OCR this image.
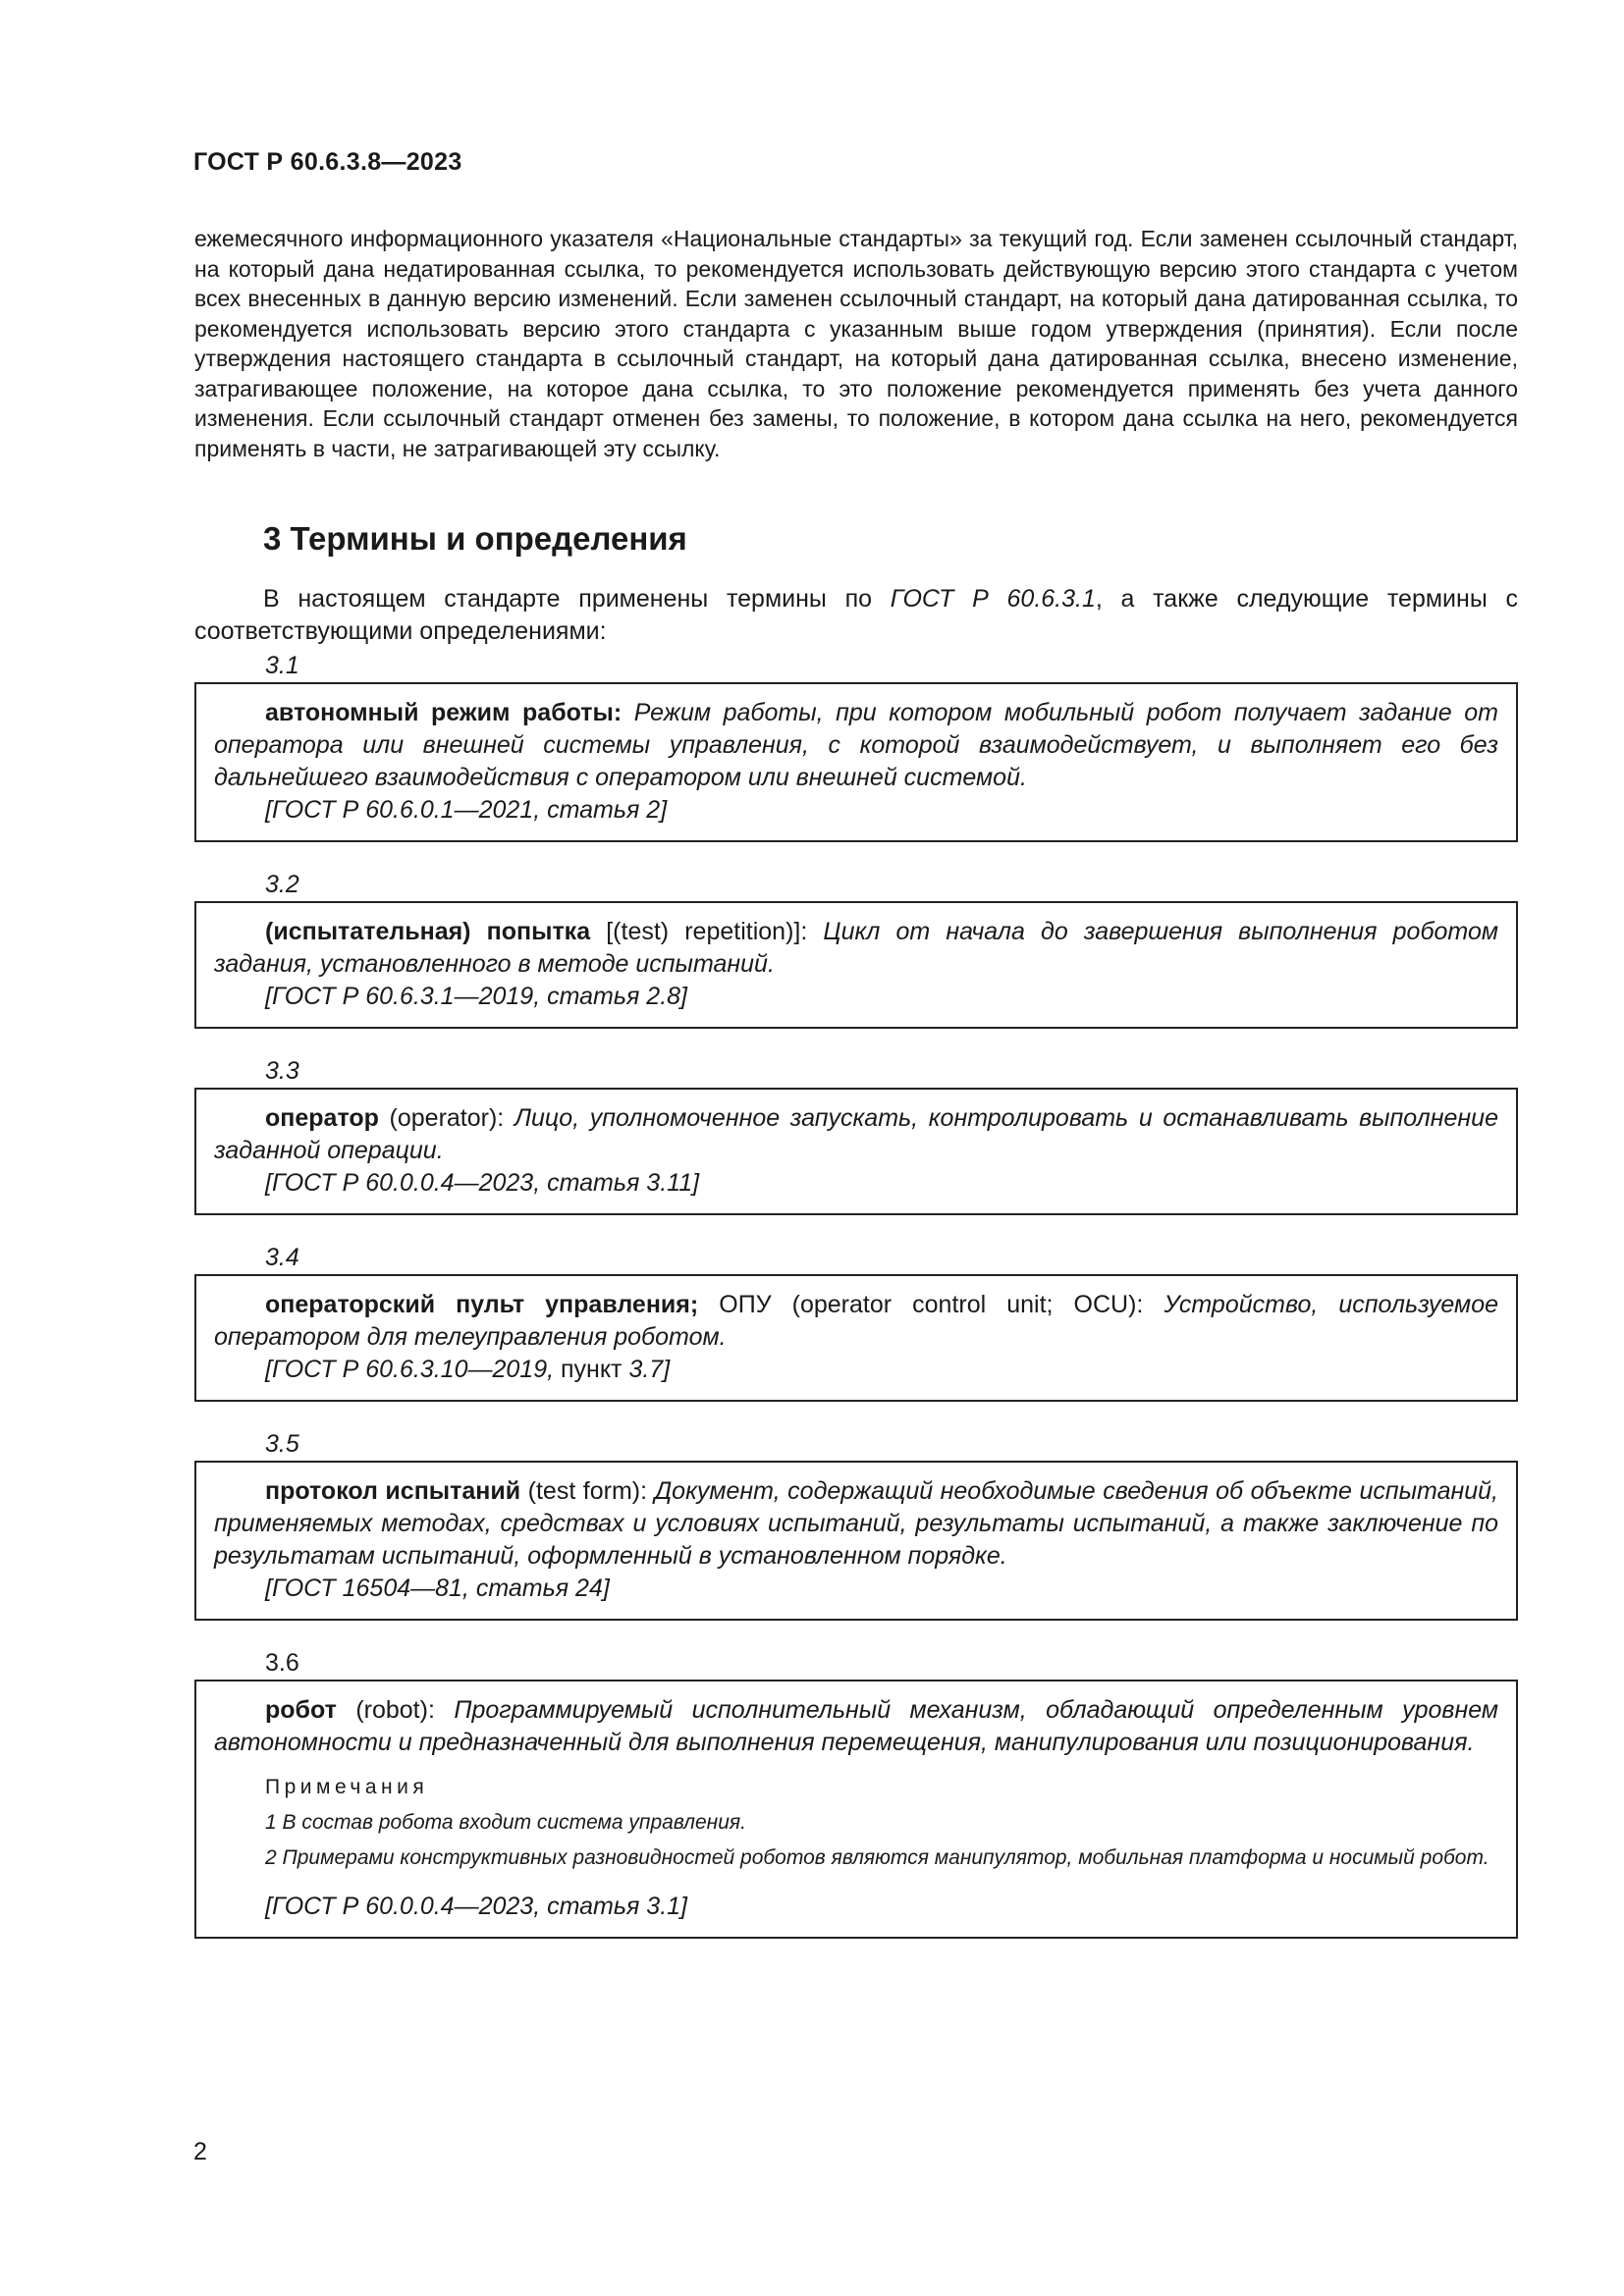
ГОСТ Р 60.6.3.8—2023

ежемесячного информационного указателя «Национальные стандарты» за текущий год. Если заменен ссылочный стандарт, на который дана недатированная ссылка, то рекомендуется использовать действующую версию этого стандарта с учетом всех внесенных в данную версию изменений. Если заменен ссылочный стандарт, на который дана датированная ссылка, то рекомендуется использовать версию этого стандарта с указанным выше годом утверждения (принятия). Если после утверждения настоящего стандарта в ссылочный стандарт, на который дана датированная ссылка, внесено изменение, затрагивающее положение, на которое дана ссылка, то это положение рекомендуется применять без учета данного изменения. Если ссылочный стандарт отменен без замены, то положение, в котором дана ссылка на него, рекомендуется применять в части, не затрагивающей эту ссылку.

3 Термины и определения

В настоящем стандарте применены термины по ГОСТ Р 60.6.3.1, а также следующие термины с соответствующими определениями:

3.1

автономный режим работы: Режим работы, при котором мобильный робот получает задание от оператора или внешней системы управления, с которой взаимодействует, и выполняет его без дальнейшего взаимодействия с оператором или внешней системой.

[ГОСТ Р 60.6.0.1—2021, статья 2]

3.2

(испытательная) попытка [(test) repetition)]: Цикл от начала до завершения выполнения роботом задания, установленного в методе испытаний.

[ГОСТ Р 60.6.3.1—2019, статья 2.8]

3.3

оператор (operator): Лицо, уполномоченное запускать, контролировать и останавливать выполнение заданной операции.

[ГОСТ Р 60.0.0.4—2023, статья 3.11]

3.4

операторский пульт управления; ОПУ (operator control unit; OCU): Устройство, используемое оператором для телеуправления роботом.

[ГОСТ Р 60.6.3.10—2019, пункт 3.7]

3.5

протокол испытаний (test form): Документ, содержащий необходимые сведения об объекте испытаний, применяемых методах, средствах и условиях испытаний, результаты испытаний, а также заключение по результатам испытаний, оформленный в установленном порядке.

[ГОСТ 16504—81, статья 24]

3.6

робот (robot): Программируемый исполнительный механизм, обладающий определенным уровнем автономности и предназначенный для выполнения перемещения, манипулирования или позиционирования.

Примечания

1 В состав робота входит система управления.

2 Примерами конструктивных разновидностей роботов являются манипулятор, мобильная платформа и носимый робот.

[ГОСТ Р 60.0.0.4—2023, статья 3.1]

2
